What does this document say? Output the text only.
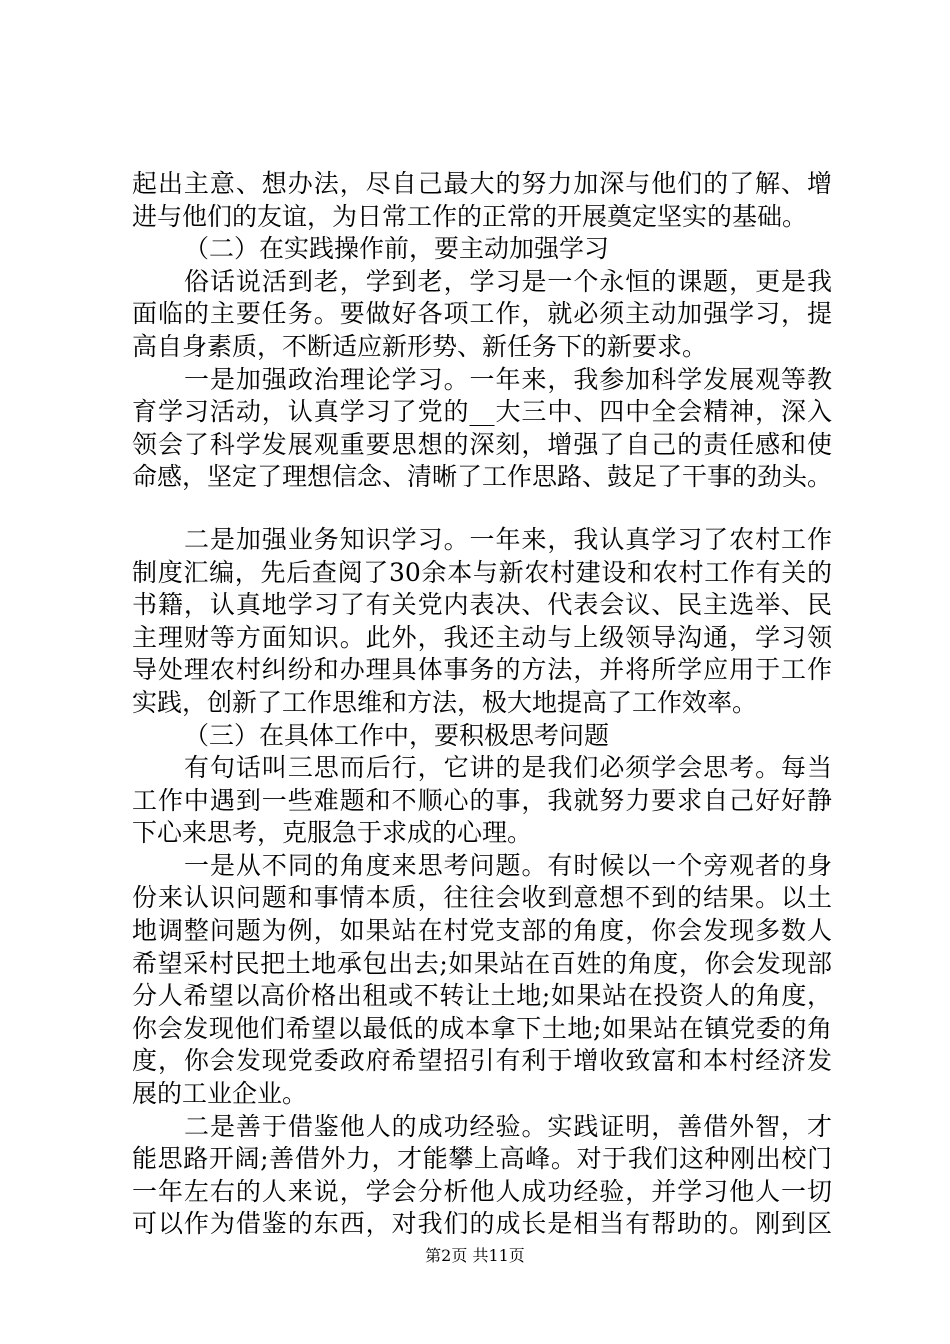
起出主意、想办法，尽自己最大的努力加深与他们的了解、增
进与他们的友谊，为日常工作的正常的开展奠定坚实的基础。
（二）在实践操作前，要主动加强学习
俗话说活到老，学到老，学习是一个永恒的课题，更是我
面临的主要任务。要做好各项工作，就必须主动加强学习，提
高自身素质，不断适应新形势、新任务下的新要求。
一是加强政治理论学习。一年来，我参加科学发展观等教
育学习活动，认真学习了党的__大三中、四中全会精神，深入
领会了科学发展观重要思想的深刻，增强了自己的责任感和使
命感，坚定了理想信念、清晰了工作思路、鼓足了干事的劲头。
二是加强业务知识学习。一年来，我认真学习了农村工作
制度汇编，先后查阅了30余本与新农村建设和农村工作有关的
书籍，认真地学习了有关党内表决、代表会议、民主选举、民
主理财等方面知识。此外，我还主动与上级领导沟通，学习领
导处理农村纠纷和办理具体事务的方法，并将所学应用于工作
实践，创新了工作思维和方法，极大地提高了工作效率。
（三）在具体工作中，要积极思考问题
有句话叫三思而后行，它讲的是我们必须学会思考。每当
工作中遇到一些难题和不顺心的事，我就努力要求自己好好静
下心来思考，克服急于求成的心理。
一是从不同的角度来思考问题。有时候以一个旁观者的身
份来认识问题和事情本质，往往会收到意想不到的结果。以土
地调整问题为例，如果站在村党支部的角度，你会发现多数人
希望采村民把土地承包出去;如果站在百姓的角度，你会发现部
分人希望以高价格出租或不转让土地;如果站在投资人的角度，
你会发现他们希望以最低的成本拿下土地;如果站在镇党委的角
度，你会发现党委政府希望招引有利于增收致富和本村经济发
展的工业企业。
二是善于借鉴他人的成功经验。实践证明，善借外智，才
能思路开阔;善借外力，才能攀上高峰。对于我们这种刚出校门
一年左右的人来说，学会分析他人成功经验，并学习他人一切
可以作为借鉴的东西，对我们的成长是相当有帮助的。刚到区
第2页 共11页
